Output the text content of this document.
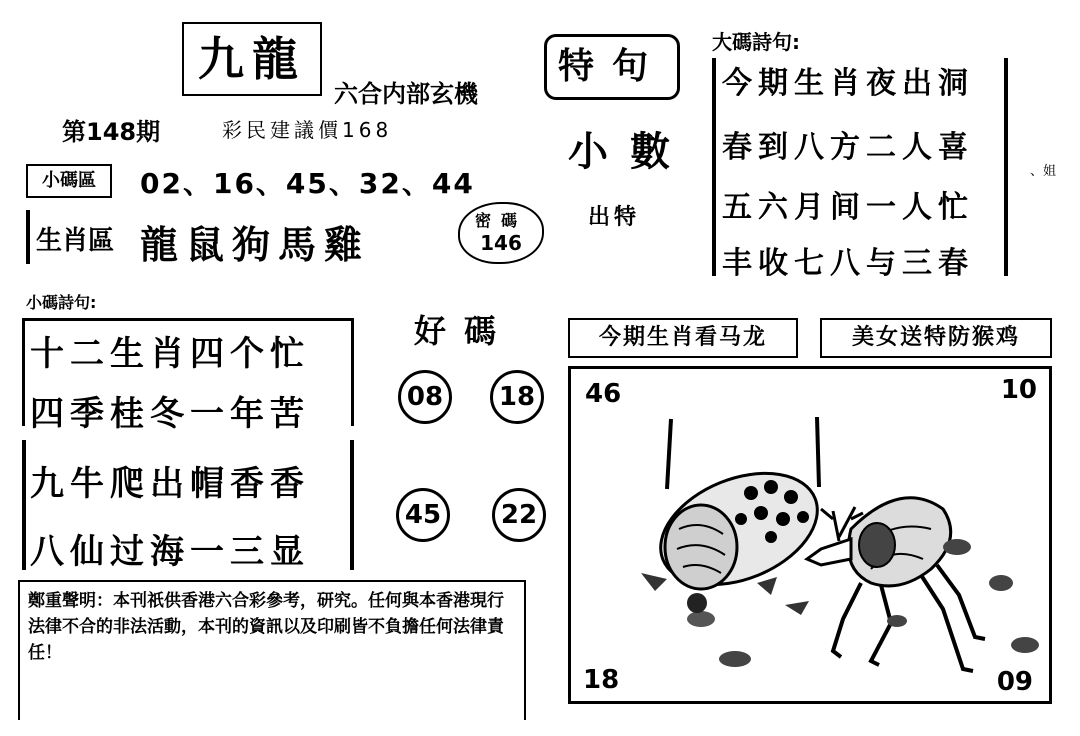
九龍
六合内部玄機
第148期	彩民建議價168
特句
小數
出特
大碼詩句:
今期生肖夜出洞
春到八方二人喜
五六月间一人忙
丰收七八与三春
、姐
小碼區	02、16、45、32、44
生肖區 龍鼠狗馬雞
密碼
146
小碼詩句:
十二生肖四个忙
四季桂冬一年苦
九牛爬出帽香香
八仙过海一三显
好碼
08	18
45	22
今期生肖看马龙	美女送特防猴鸡
46	10
18	09
鄭重聲明：本刊祇供香港六合彩參考，研究。任何與本香港現行法律不合的非法活動，本刊的資訊以及印刷皆不負擔任何法律責任！
